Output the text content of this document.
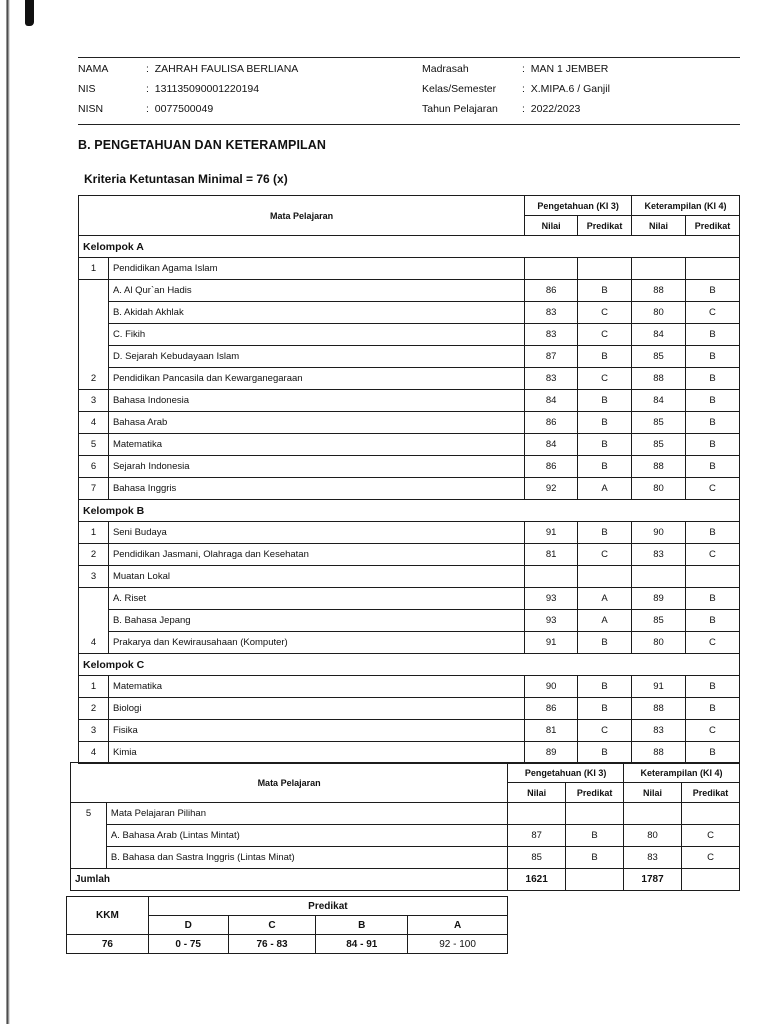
NAMA	:  ZAHRAH FAULISA BERLIANA	Madrasah	:  MAN 1 JEMBER
NIS	:  131135090001220194	Kelas/Semester	:  X.MIPA.6 / Ganjil
NISN	:  0077500049	Tahun Pelajaran	:  2022/2023
B. PENGETAHUAN DAN KETERAMPILAN
Kriteria Ketuntasan Minimal = 76 (x)
Mata Pelajaran		Pengetahuan (KI 3)		Keterampilan (KI 4)	
		Nilai	Predikat	Nilai	Predikat
Kelompok A					
1	Pendidikan Agama Islam				
	A. Al Qur`an Hadis	86	B	88	B
	B. Akidah Akhlak	83	C	80	C
	C. Fikih	83	C	84	B
	D. Sejarah Kebudayaan Islam	87	B	85	B
2	Pendidikan Pancasila dan Kewarganegaraan	83	C	88	B
3	Bahasa Indonesia	84	B	84	B
4	Bahasa Arab	86	B	85	B
5	Matematika	84	B	85	B
6	Sejarah Indonesia	86	B	88	B
7	Bahasa Inggris	92	A	80	C
Kelompok B					
1	Seni Budaya	91	B	90	B
2	Pendidikan Jasmani, Olahraga dan Kesehatan	81	C	83	C
3	Muatan Lokal				
	A. Riset	93	A	89	B
	B. Bahasa Jepang	93	A	85	B
4	Prakarya dan Kewirausahaan (Komputer)	91	B	80	C
Kelompok C					
1	Matematika	90	B	91	B
2	Biologi	86	B	88	B
3	Fisika	81	C	83	C
4	Kimia	89	B	88	B
Mata Pelajaran		Pengetahuan (KI 3)		Keterampilan (KI 4)	
		Nilai	Predikat	Nilai	Predikat
5	Mata Pelajaran Pilihan				
	A. Bahasa Arab (Lintas Mintat)	87	B	80	C
	B. Bahasa dan Sastra Inggris (Lintas Minat)	85	B	83	C
Jumlah		1621		1787	
KKM	Predikat			
	D	C	B	A
76	0 - 75	76 - 83	84 - 91	92 - 100
